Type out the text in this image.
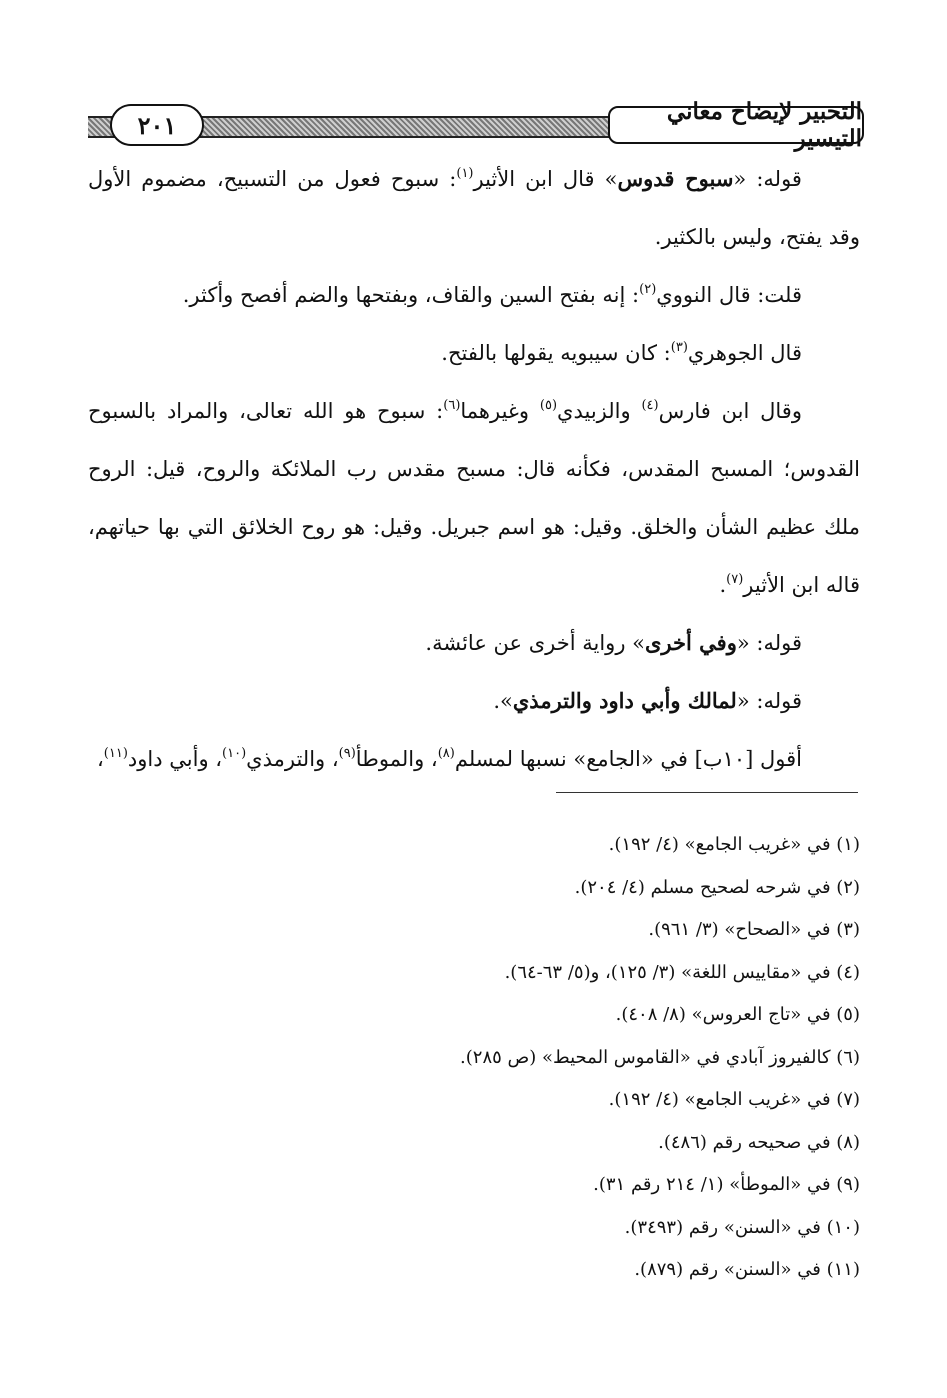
٢٠١	التحبير لإيضاح معاني التيسير

قوله: «سبوح قدوس» قال ابن الأثير$^{(١)}$: سبوح فعول من التسبيح، مضموم الأول وقد يفتح، وليس بالكثير.

قلت: قال النووي$^{(٢)}$: إنه بفتح السين والقاف، وبفتحها والضم أفصح وأكثر.

قال الجوهري$^{(٣)}$: كان سيبويه يقولها بالفتح.

وقال ابن فارس$^{(٤)}$ والزبيدي$^{(٥)}$ وغيرهما$^{(٦)}$: سبوح هو الله تعالى، والمراد بالسبوح القدوس؛ المسبح المقدس، فكأنه قال: مسبح مقدس رب الملائكة والروح، قيل: الروح ملك عظيم الشأن والخلق. وقيل: هو اسم جبريل. وقيل: هو روح الخلائق التي بها حياتهم، قاله ابن الأثير$^{(٧)}$.

قوله: «وفي أخرى» رواية أخرى عن عائشة.

قوله: «لمالك وأبي داود والترمذي».

أقول [١٠ب] في «الجامع» نسبها لمسلم$^{(٨)}$، والموطأ$^{(٩)}$، والترمذي$^{(١٠)}$، وأبي داود$^{(١١)}$،

(١) في «غريب الجامع» (٤/ ١٩٢).
(٢) في شرحه لصحيح مسلم (٤/ ٢٠٤).
(٣) في «الصحاح» (٣/ ٩٦١).
(٤) في «مقاييس اللغة» (٣/ ١٢٥)، و(٥/ ٦٣-٦٤).
(٥) في «تاج العروس» (٨/ ٤٠٨).
(٦) كالفيروز آبادي في «القاموس المحيط» (ص ٢٨٥).
(٧) في «غريب الجامع» (٤/ ١٩٢).
(٨) في صحيحه رقم (٤٨٦).
(٩) في «الموطأ» (١/ ٢١٤ رقم ٣١).
(١٠) في «السنن» رقم (٣٤٩٣).
(١١) في «السنن» رقم (٨٧٩).
